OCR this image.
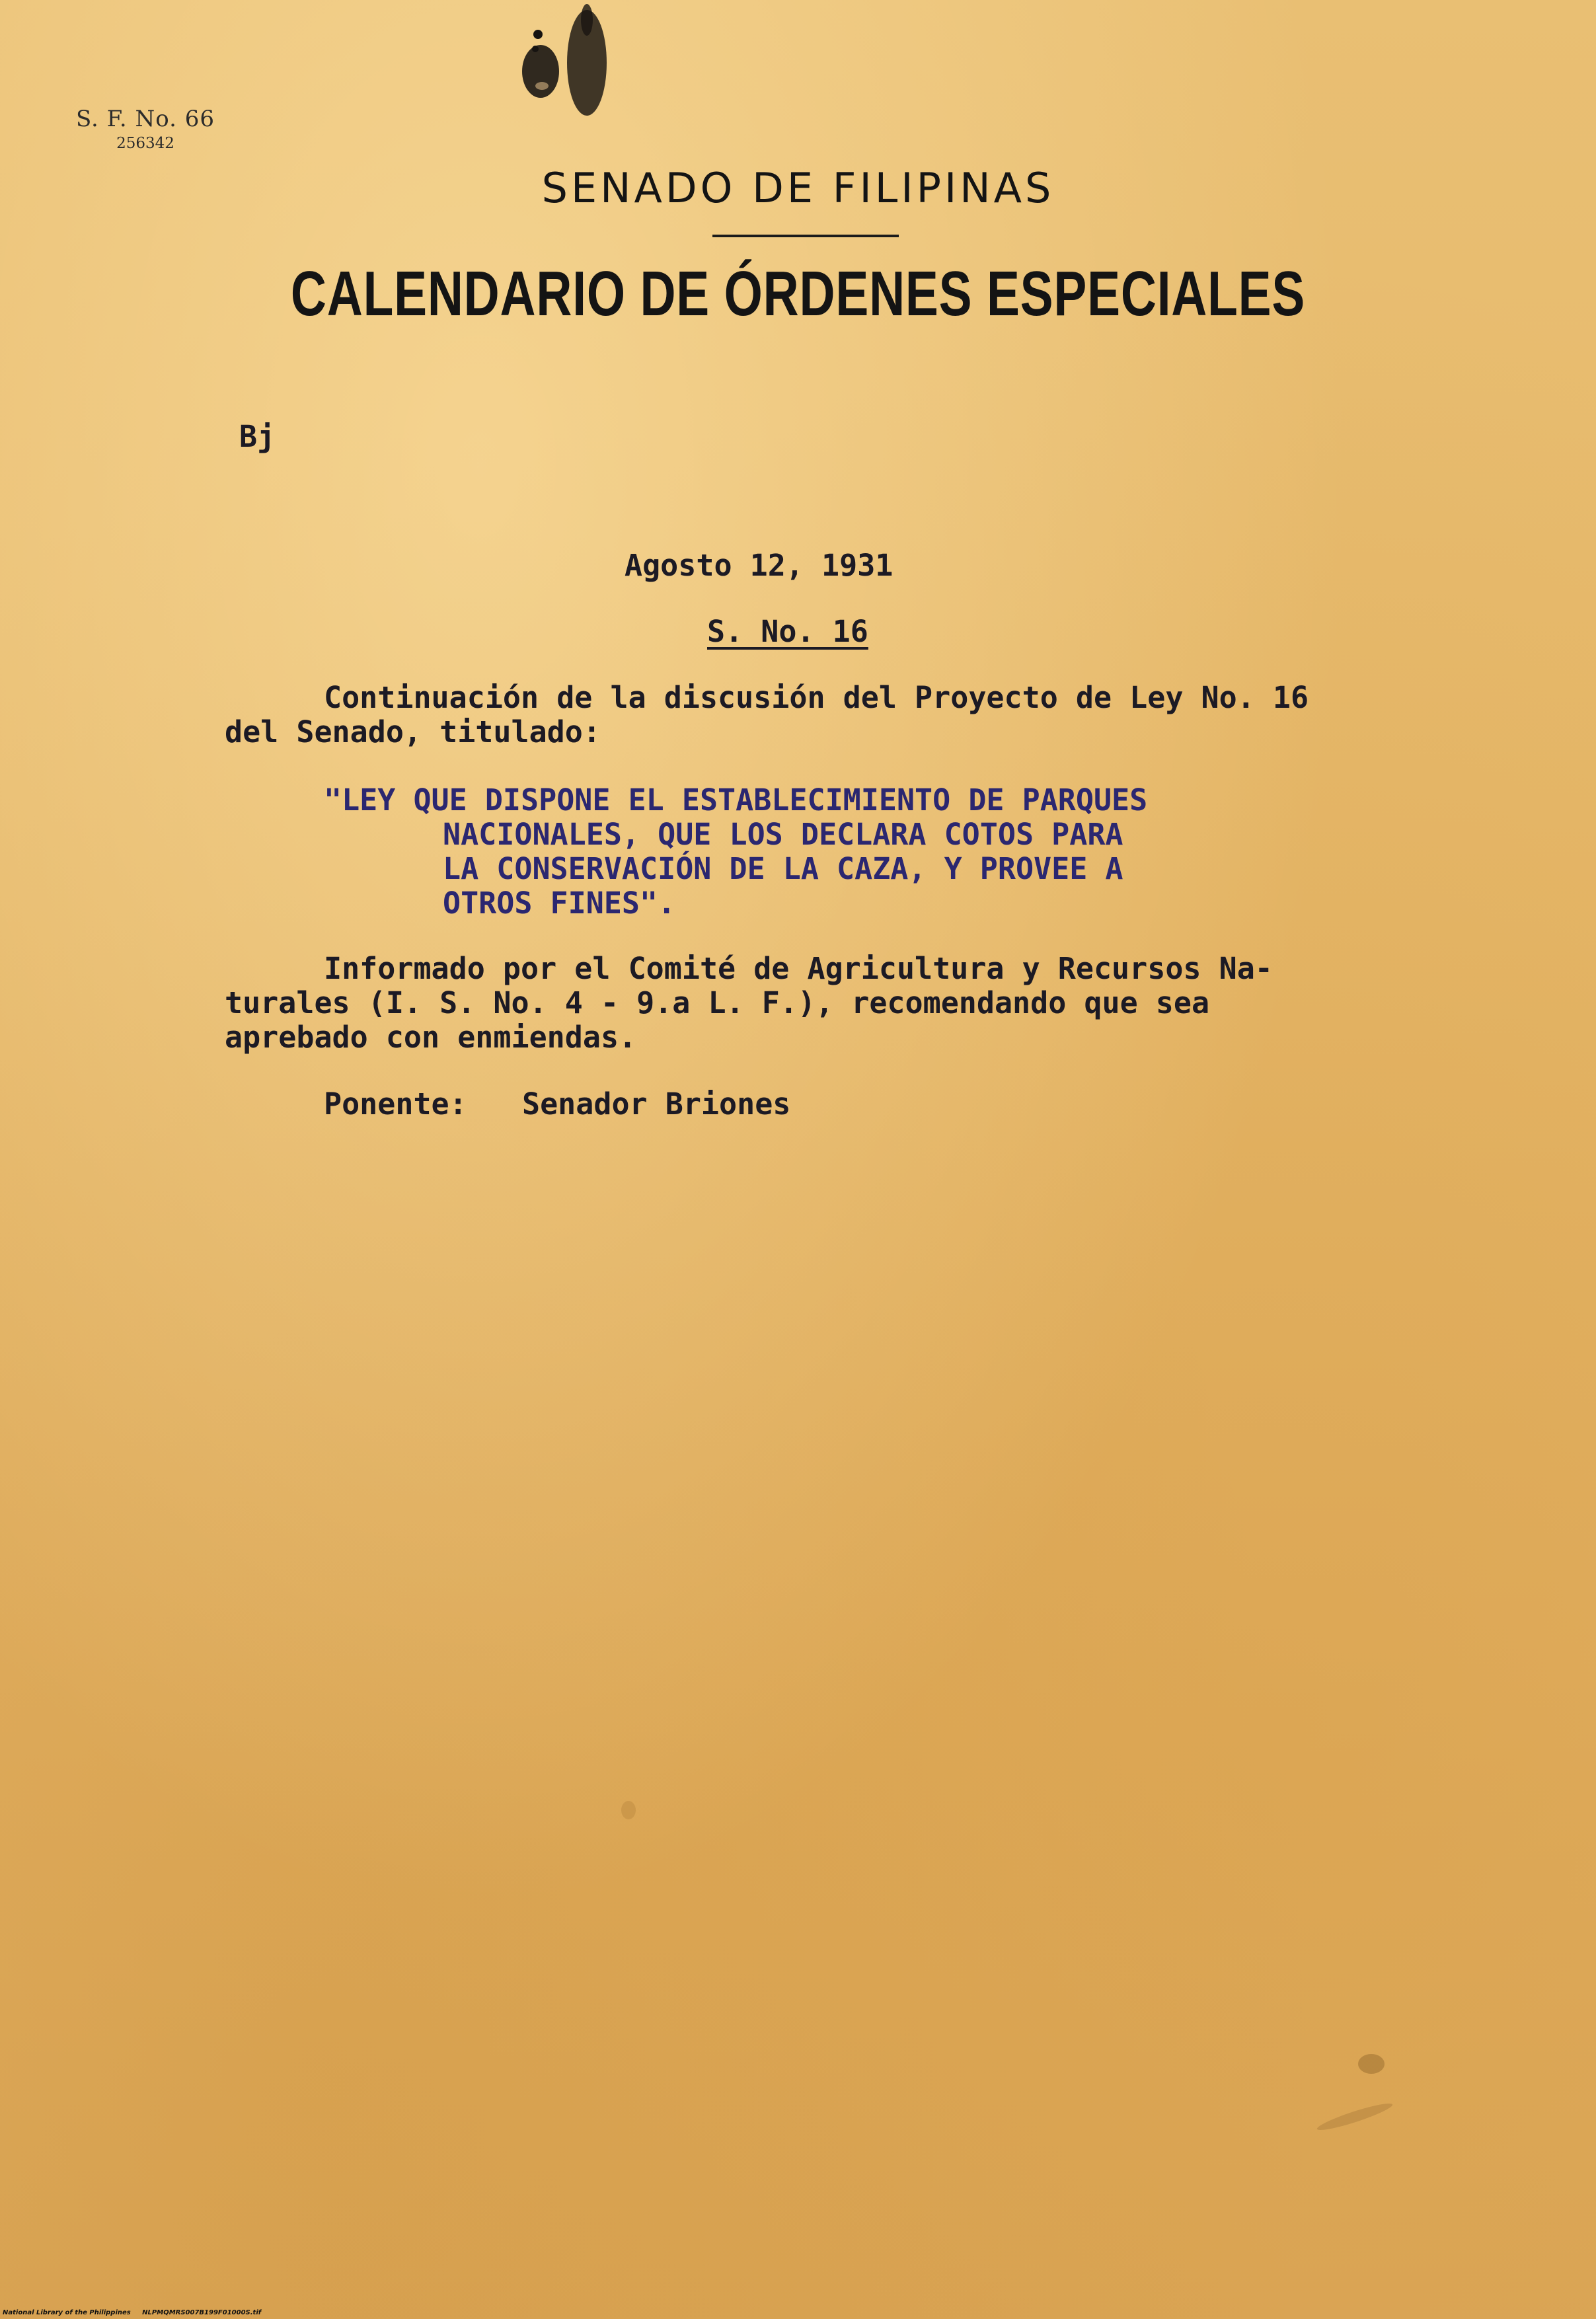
S. F. No. 66
256342
SENADO DE FILIPINAS
CALENDARIO DE ÓRDENES ESPECIALES
Bj
Agosto 12, 1931
S. No. 16
Continuación de la discusión del Proyecto de Ley No. 16
del Senado, titulado:
"LEY QUE DISPONE EL ESTABLECIMIENTO DE PARQUES
NACIONALES, QUE LOS DECLARA COTOS PARA
LA CONSERVACIÓN DE LA CAZA, Y PROVEE A
OTROS FINES".
Informado por el Comité de Agricultura y Recursos Na-
turales (I. S. No. 4 - 9.a L. F.), recomendando que sea
aprebado con enmiendas.
Ponente: Senador Briones
National Library of the Philippines NLPMQMRS007B199F01000S.tif
